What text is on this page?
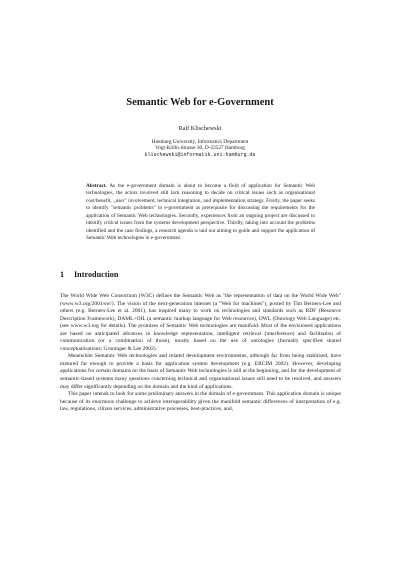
Semantic Web for e-Government
Ralf Klischewski
Hamburg University, Informatics Department
Vogt-Kölln-Strasse 30, D-22527 Hamburg
klischewski@informatik.uni-hamburg.de
Abstract. As the e-government domain is about to become a field of application for Semantic Web technologies, the actors involved still lack reasoning to decide on critical issues such as organisational cost/benefit, „user" involvement, technical integration, and implementation strategy. Firstly, the paper seeks to identify "semantic problems" in e-government as prerequisite for discussing the requirements for the application of Semantic Web technologies. Secondly, experiences from an ongoing project are discussed to identify critical issues from the systems development perspective. Thirdly, taking into account the problems identified and the case findings, a research agenda is laid out aiming to guide and support the application of Semantic Web technologies in e-government.
1 Introduction

The World Wide Web Consortium (W3C) defines the Semantic Web as "the representation of data on the World Wide Web" (www.w3.org/2001/sw/). The vision of the next-generation internet (a "Web for machines"), posted by Tim Berners-Lee and others (e.g. Berners-Lee et al. 2001), has inspired many to work on technologies and standards such as RDF (Resource Description Framework), DAML+OIL (a semantic markup language for Web resources), OWL (Ontology Web Language) etc. (see www.w3.org for details). The promises of Semantic Web technologies are manifold. Most of the envisioned applications are based on anticipated advances in knowledge representation, intelligent retrieval (interference) and facilitation of communication (or a combination of those), mostly based on the use of ontologies (formally specified shared conceptualisations; Gruninger & Lee 2002).

Meanwhile Semantic Web technologies and related development environments, although far from being stabilised, have matured far enough to provide a basis for application system development (e.g. ERCIM 2002). However, developing applications for certain domains on the basis of Semantic Web technologies is still at the beginning, and for the development of semantic-based systems many questions concerning technical and organisational issues still need to be resolved, and answers may differ significantly depending on the domain and the kind of applications.

This paper intends to look for some preliminary answers in the domain of e-government. This application domain is unique because of its enormous challenge to achieve interoperability given the manifold semantic differences of interpretation of e.g. law, regulations, citizen services, administrative processes, best-practices, and,
